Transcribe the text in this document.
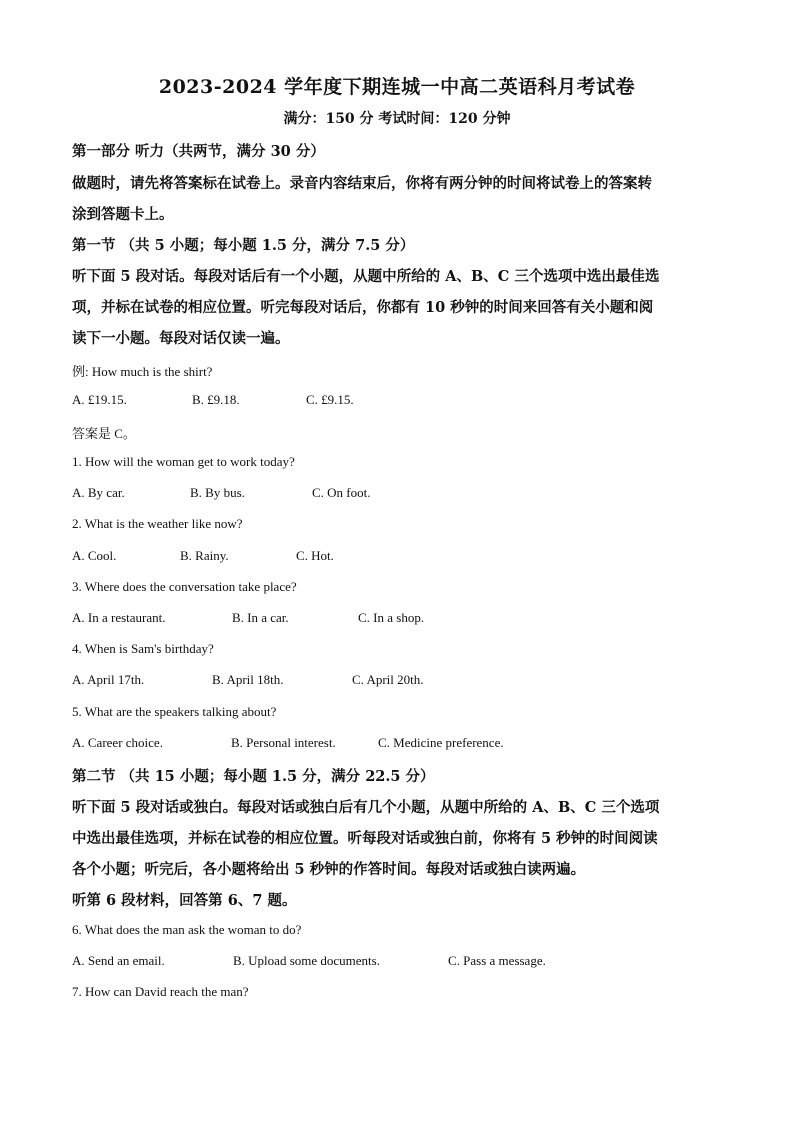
2023-2024 学年度下期连城一中高二英语科月考试卷
满分：150 分 考试时间：120 分钟
第一部分 听力（共两节，满分 30 分）
做题时，请先将答案标在试卷上。录音内容结束后，你将有两分钟的时间将试卷上的答案转
涂到答题卡上。
第一节 （共 5 小题；每小题 1.5 分，满分 7.5 分）
听下面 5 段对话。每段对话后有一个小题，从题中所给的 A、B、C 三个选项中选出最佳选
项，并标在试卷的相应位置。听完每段对话后，你都有 10 秒钟的时间来回答有关小题和阅
读下一小题。每段对话仅读一遍。
例: How much is the shirt?
A. £19.15.	B. £9.18.	C. £9.15.
答案是 C。
1. How will the woman get to work today?
A. By car.	B. By bus.	C. On foot.
2. What is the weather like now?
A. Cool.	B. Rainy.	C. Hot.
3. Where does the conversation take place?
A. In a restaurant.	B. In a car.	C. In a shop.
4. When is Sam's birthday?
A. April 17th.	B. April 18th.	C. April 20th.
5. What are the speakers talking about?
A. Career choice.	B. Personal interest.	C. Medicine preference.
第二节 （共 15 小题；每小题 1.5 分，满分 22.5 分）
听下面 5 段对话或独白。每段对话或独白后有几个小题，从题中所给的 A、B、C 三个选项
中选出最佳选项，并标在试卷的相应位置。听每段对话或独白前，你将有 5 秒钟的时间阅读
各个小题；听完后，各小题将给出 5 秒钟的作答时间。每段对话或独白读两遍。
听第 6 段材料，回答第 6、7 题。
6. What does the man ask the woman to do?
A. Send an email.	B. Upload some documents.	C. Pass a message.
7. How can David reach the man?
